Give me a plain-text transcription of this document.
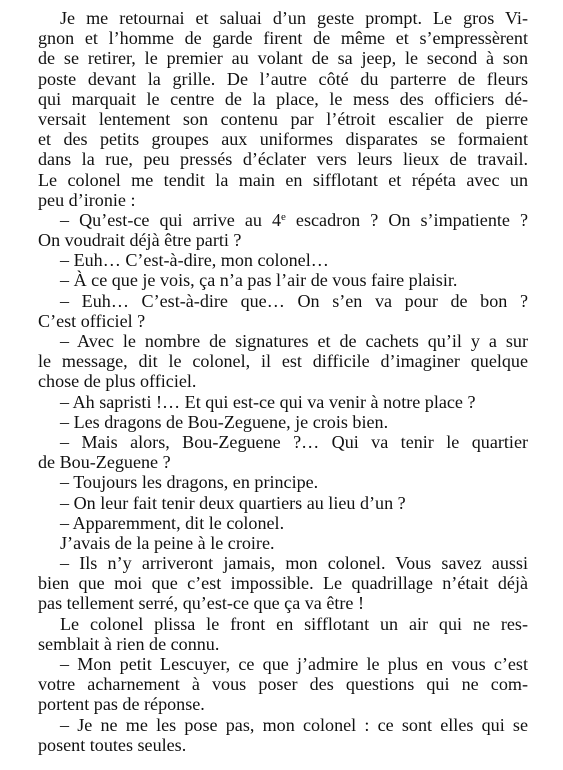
Je me retournai et saluai d’un geste prompt. Le gros Vi-
gnon et l’homme de garde firent de même et s’empressèrent
de se retirer, le premier au volant de sa jeep, le second à son
poste devant la grille. De l’autre côté du parterre de fleurs
qui marquait le centre de la place, le mess des officiers dé-
versait lentement son contenu par l’étroit escalier de pierre
et des petits groupes aux uniformes disparates se formaient
dans la rue, peu pressés d’éclater vers leurs lieux de travail.
Le colonel me tendit la main en sifflotant et répéta avec un
peu d’ironie :
– Qu’est-ce qui arrive au 4e escadron ? On s’impatiente ?
On voudrait déjà être parti ?
– Euh… C’est-à-dire, mon colonel…
– À ce que je vois, ça n’a pas l’air de vous faire plaisir.
– Euh… C’est-à-dire que… On s’en va pour de bon ?
C’est officiel ?
– Avec le nombre de signatures et de cachets qu’il y a sur
le message, dit le colonel, il est difficile d’imaginer quelque
chose de plus officiel.
– Ah sapristi !… Et qui est-ce qui va venir à notre place ?
– Les dragons de Bou-Zeguene, je crois bien.
– Mais alors, Bou-Zeguene ?… Qui va tenir le quartier
de Bou-Zeguene ?
– Toujours les dragons, en principe.
– On leur fait tenir deux quartiers au lieu d’un ?
– Apparemment, dit le colonel.
J’avais de la peine à le croire.
– Ils n’y arriveront jamais, mon colonel. Vous savez aussi
bien que moi que c’est impossible. Le quadrillage n’était déjà
pas tellement serré, qu’est-ce que ça va être !
Le colonel plissa le front en sifflotant un air qui ne res-
semblait à rien de connu.
– Mon petit Lescuyer, ce que j’admire le plus en vous c’est
votre acharnement à vous poser des questions qui ne com-
portent pas de réponse.
– Je ne me les pose pas, mon colonel : ce sont elles qui se
posent toutes seules.
